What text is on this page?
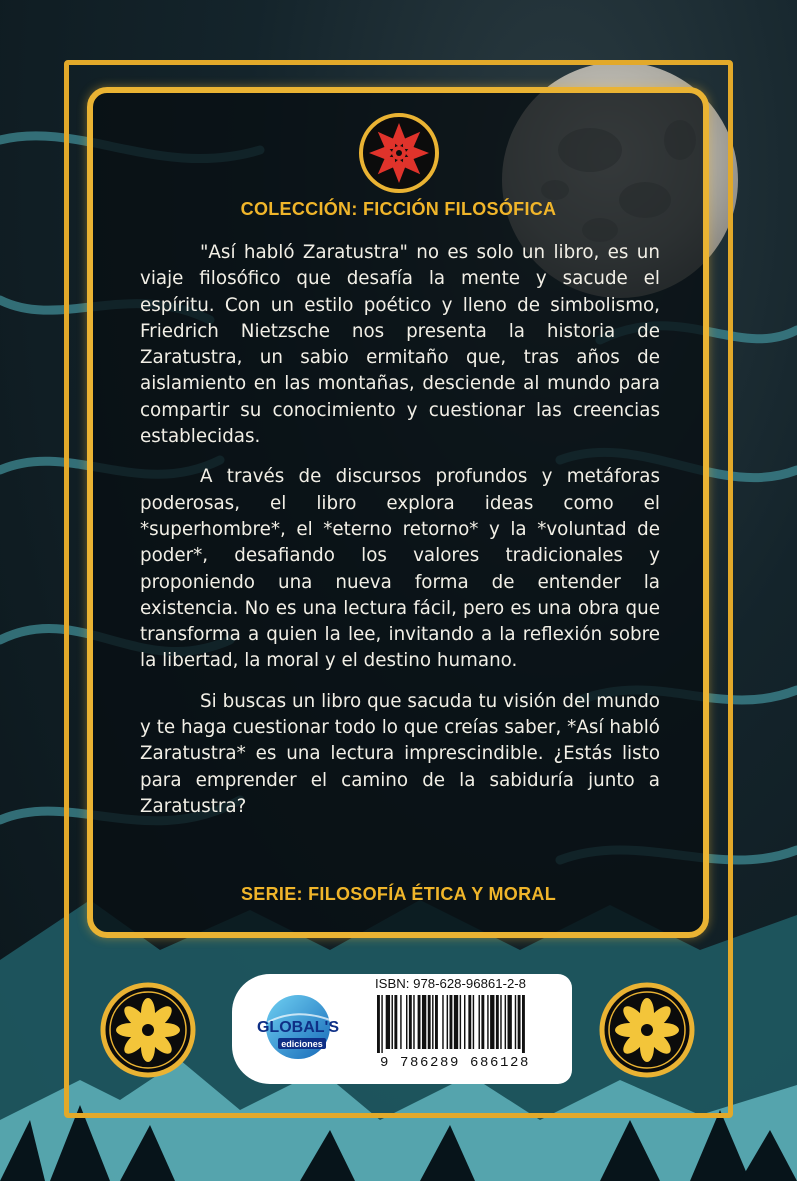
COLECCIÓN: FICCIÓN FILOSÓFICA

"Así habló Zaratustra" no es solo un libro, es un viaje filosófico que desafía la mente y sacude el espíritu. Con un estilo poético y lleno de simbolismo, Friedrich Nietzsche nos presenta la historia de Zaratustra, un sabio ermitaño que, tras años de aislamiento en las montañas, desciende al mundo para compartir su conocimiento y cuestionar las creencias establecidas.

A través de discursos profundos y metáforas poderosas, el libro explora ideas como el *superhombre*, el *eterno retorno* y la *voluntad de poder*, desafiando los valores tradicionales y proponiendo una nueva forma de entender la existencia. No es una lectura fácil, pero es una obra que transforma a quien la lee, invitando a la reflexión sobre la libertad, la moral y el destino humano.

Si buscas un libro que sacuda tu visión del mundo y te haga cuestionar todo lo que creías saber, *Así habló Zaratustra* es una lectura imprescindible. ¿Estás listo para emprender el camino de la sabiduría junto a Zaratustra?

SERIE: FILOSOFÍA ÉTICA Y MORAL
GLOBAL'S
ediciones
ISBN: 978-628-96861-2-8
9 786289 686128
